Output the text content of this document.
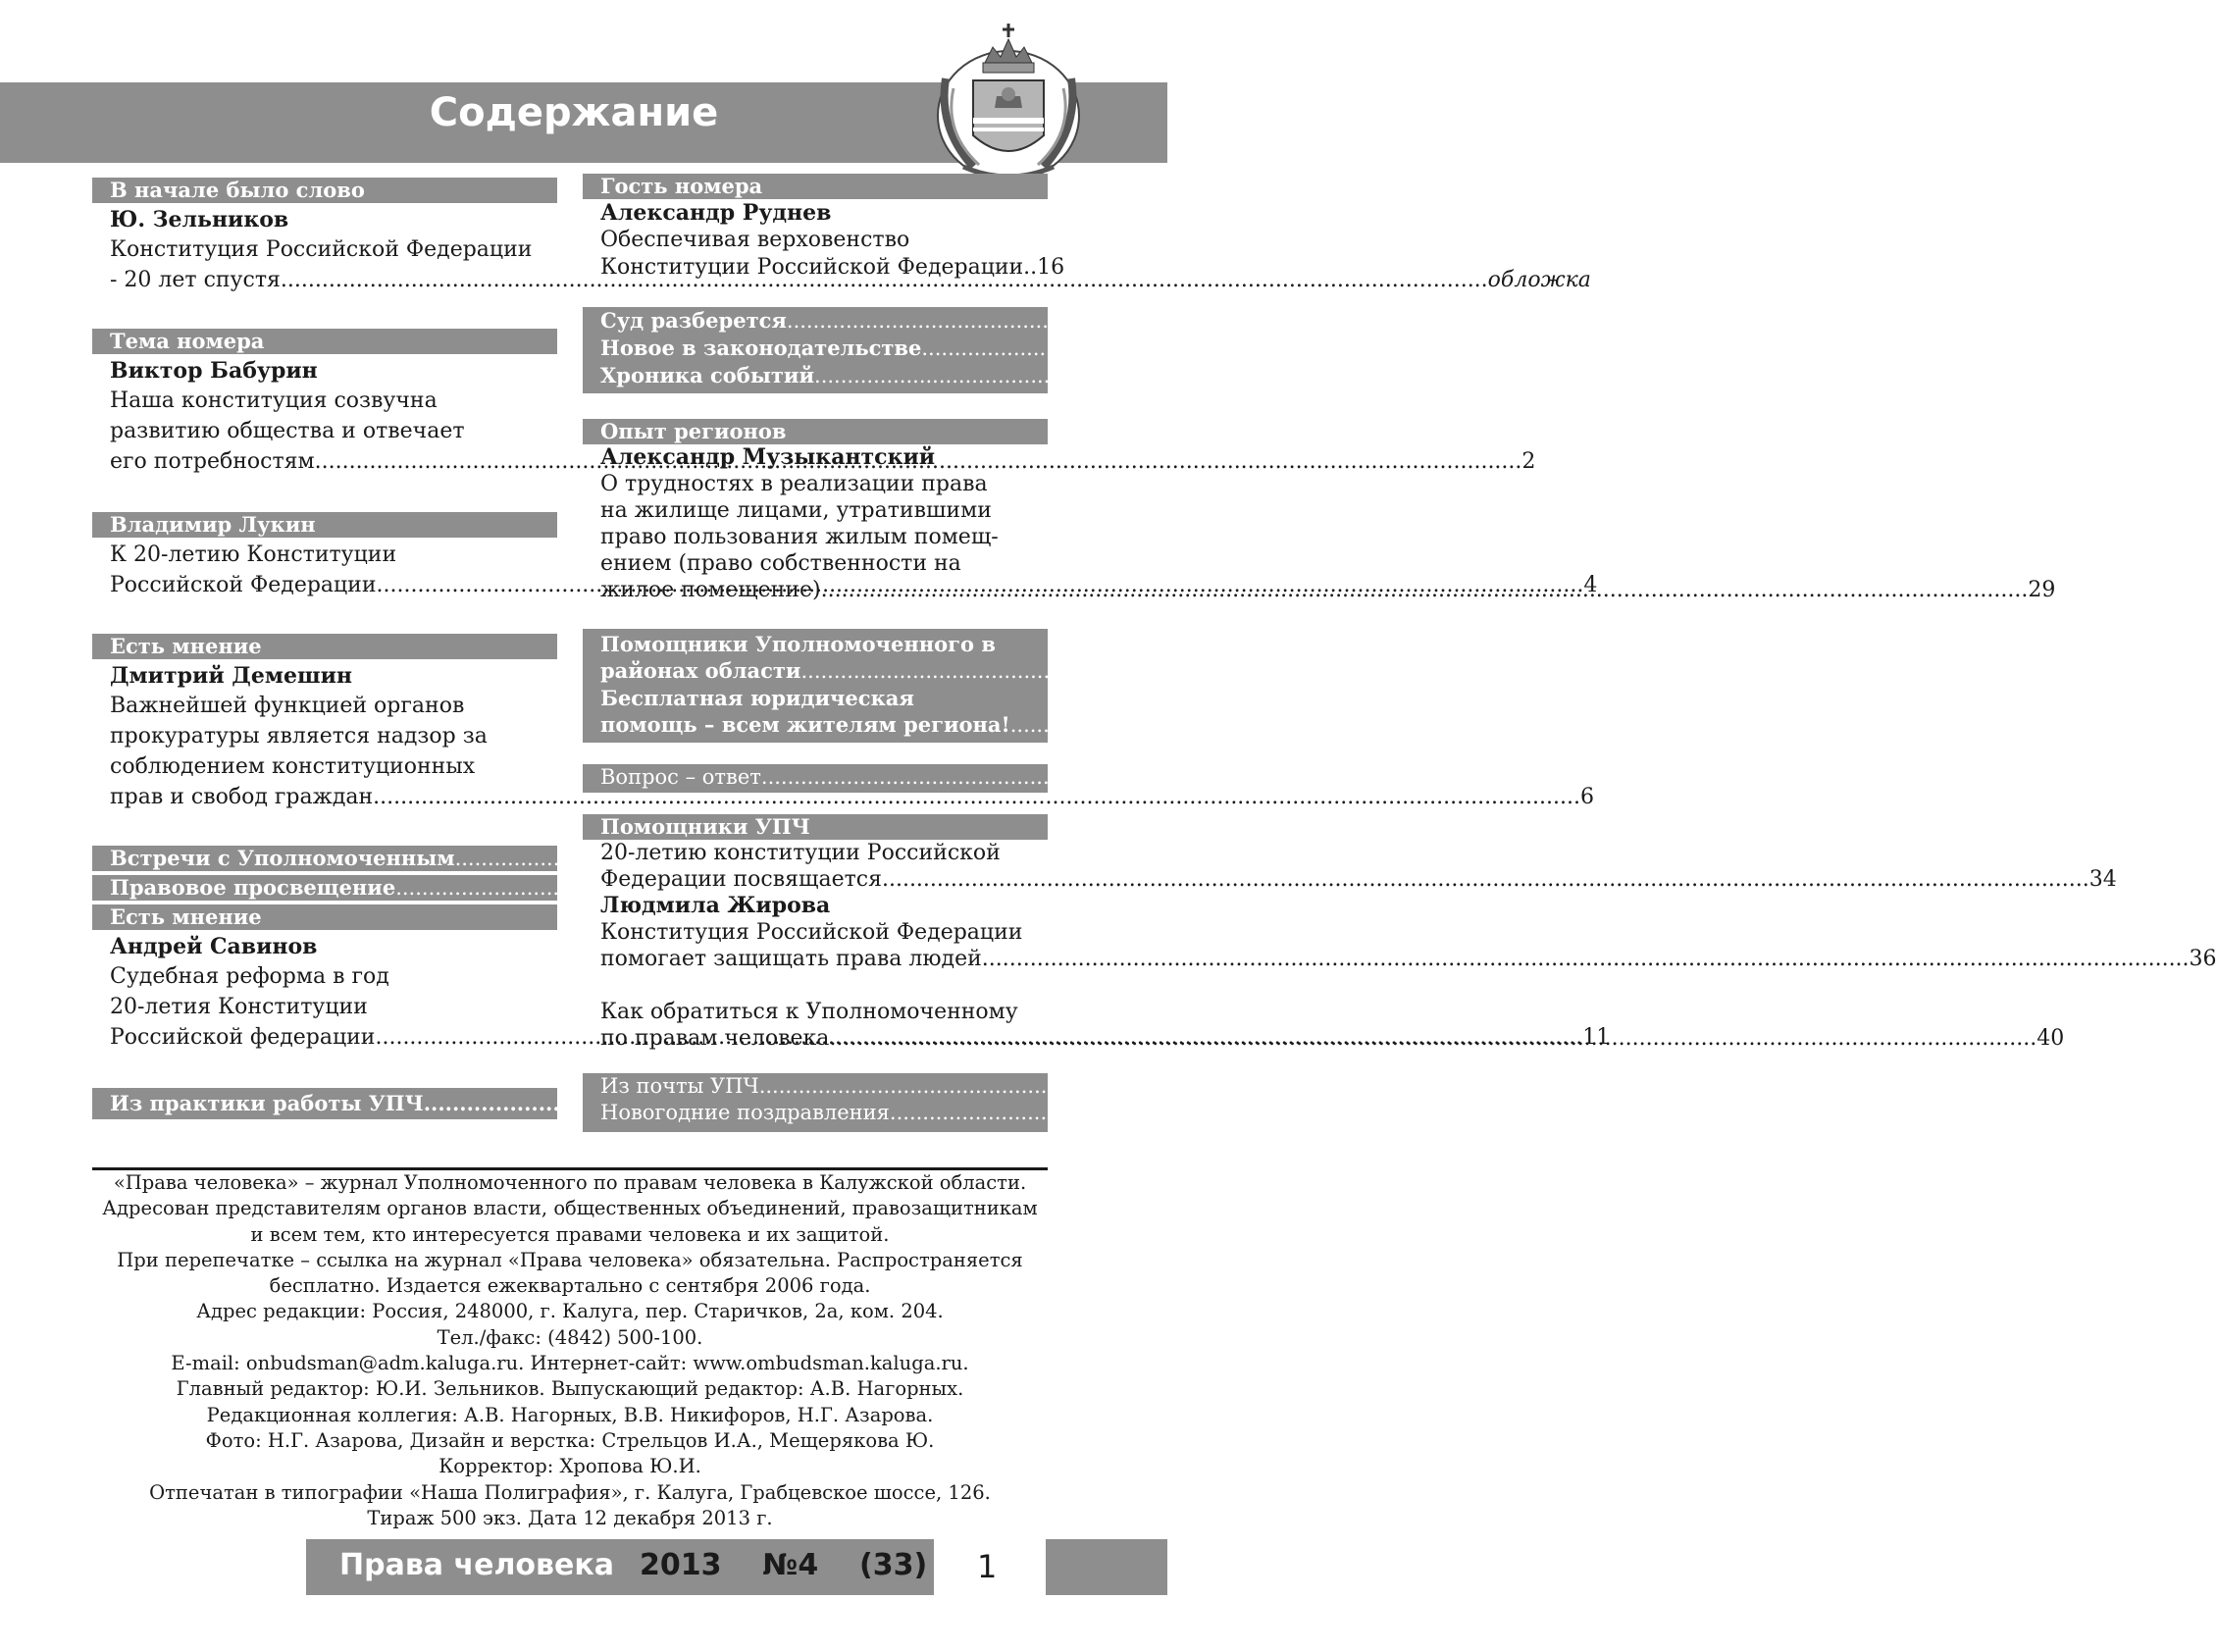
Содержание
В начале было слово
Ю. Зельников
Конституция Российской Федерации
- 20 лет спустя .....	обложка
Тема номера
Виктор Бабурин
Наша конституция созвучна
развитию общества и отвечает
его потребностям .....	2
Владимир Лукин
К 20-летию Конституции
Российской Федерации .....	4
Есть мнение
Дмитрий Демешин
Важнейшей функцией органов
прокуратуры является надзор за
соблюдением конституционных
прав и свобод граждан .....	6
Встречи с Уполномоченным .....	9
Правовое просвещение .....	10
Есть мнение
Андрей Савинов
Судебная реформа в год
20-летия Конституции
Российской федерации .....	11
Из практики работы УПЧ .....	14
Гость номера
Александр Руднев
Обеспечивая верховенство
Конституции Российской Федерации.. 16
Суд разберется .....	18
Новое в законодательстве .....	22
Хроника событий .....	24
Опыт регионов
Александр Музыкантский
О трудностях в реализации права
на жилище лицами, утратившими
право пользования жилым помещ-
ением (право собственности на
жилое помещение) .....	29
Помощники Уполномоченного в
районах области .....	31
Бесплатная юридическая
помощь – всем жителям региона! .....	32
Вопрос – ответ .....	33
Помощники УПЧ
20-летию конституции Российской
Федерации посвящается .....	34
Людмила Жирова
Конституция Российской Федерации
помогает защищать права людей .....	36
Как обратиться к Уполномоченному
по правам человека .....	40
Из почты УПЧ .....	обложка
Новогодние поздравления .....	обложка
«Права человека» – журнал Уполномоченного по правам человека в Калужской области.
Адресован представителям органов власти, общественных объединений, правозащитникам
и всем тем, кто интересуется правами человека и их защитой.
При перепечатке – ссылка на журнал «Права человека» обязательна. Распространяется
бесплатно. Издается ежеквартально с сентября 2006 года.
Адрес редакции: Россия, 248000, г. Калуга, пер. Старичков, 2а, ком. 204.
Тел./факс: (4842) 500-100.
E-mail: onbudsman@adm.kaluga.ru. Интернет-сайт: www.ombudsman.kaluga.ru.
Главный редактор: Ю.И. Зельников. Выпускающий редактор: А.В. Нагорных.
Редакционная коллегия: А.В. Нагорных, В.В. Никифоров, Н.Г. Азарова.
Фото: Н.Г. Азарова, Дизайн и верстка: Стрельцов И.А., Мещерякова Ю.
Корректор: Хропова Ю.И.
Отпечатан в типографии «Наша Полиграфия», г. Калуга, Грабцевское шоссе, 126.
Тираж 500 экз. Дата 12 декабря 2013 г.
Права человека 2013    №4    (33) 1
